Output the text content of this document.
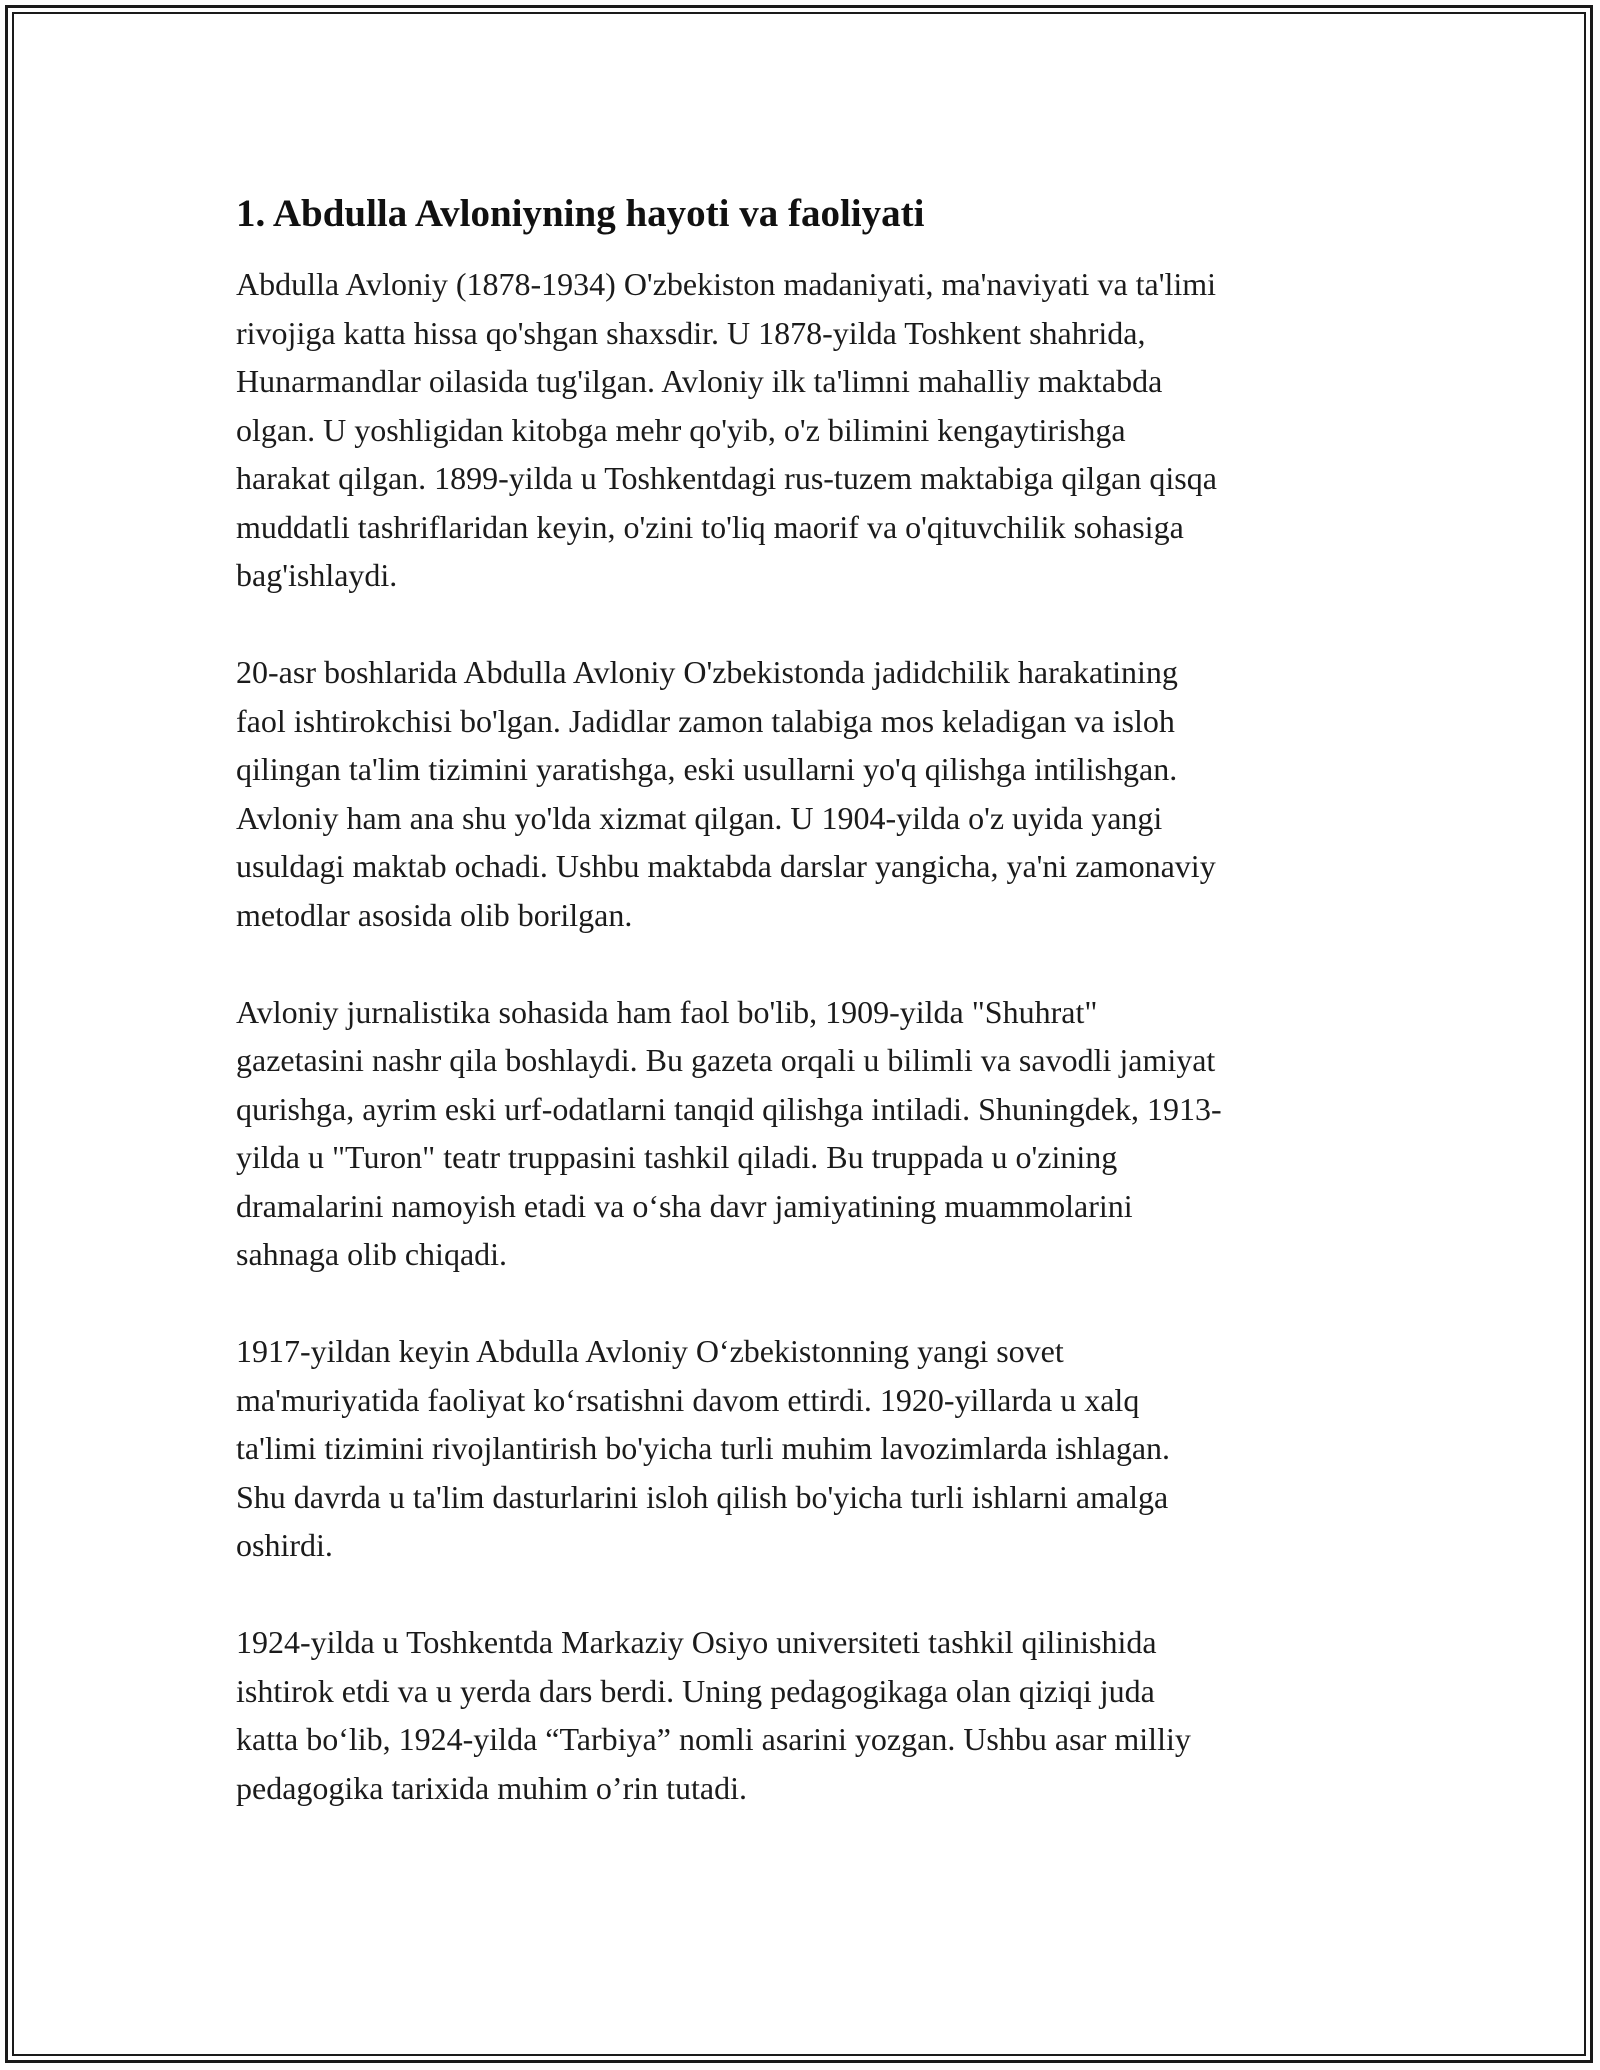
1. Abdulla Avloniyning hayoti va faoliyati

Abdulla Avloniy (1878-1934) O'zbekiston madaniyati, ma'naviyati va ta'limi
rivojiga katta hissa qo'shgan shaxsdir. U 1878-yilda Toshkent shahrida,
Hunarmandlar oilasida tug'ilgan. Avloniy ilk ta'limni mahalliy maktabda
olgan. U yoshligidan kitobga mehr qo'yib, o'z bilimini kengaytirishga
harakat qilgan. 1899-yilda u Toshkentdagi rus-tuzem maktabiga qilgan qisqa
muddatli tashriflaridan keyin, o'zini to'liq maorif va o'qituvchilik sohasiga
bag'ishlaydi.

20-asr boshlarida Abdulla Avloniy O'zbekistonda jadidchilik harakatining
faol ishtirokchisi bo'lgan. Jadidlar zamon talabiga mos keladigan va isloh
qilingan ta'lim tizimini yaratishga, eski usullarni yo'q qilishga intilishgan.
Avloniy ham ana shu yo'lda xizmat qilgan. U 1904-yilda o'z uyida yangi
usuldagi maktab ochadi. Ushbu maktabda darslar yangicha, ya'ni zamonaviy
metodlar asosida olib borilgan.

Avloniy jurnalistika sohasida ham faol bo'lib, 1909-yilda "Shuhrat"
gazetasini nashr qila boshlaydi. Bu gazeta orqali u bilimli va savodli jamiyat
qurishga, ayrim eski urf-odatlarni tanqid qilishga intiladi. Shuningdek, 1913-
yilda u "Turon" teatr truppasini tashkil qiladi. Bu truppada u o'zining
dramalarini namoyish etadi va o‘sha davr jamiyatining muammolarini
sahnaga olib chiqadi.

1917-yildan keyin Abdulla Avloniy O‘zbekistonning yangi sovet
ma'muriyatida faoliyat ko‘rsatishni davom ettirdi. 1920-yillarda u xalq
ta'limi tizimini rivojlantirish bo'yicha turli muhim lavozimlarda ishlagan.
Shu davrda u ta'lim dasturlarini isloh qilish bo'yicha turli ishlarni amalga
oshirdi.

1924-yilda u Toshkentda Markaziy Osiyo universiteti tashkil qilinishida
ishtirok etdi va u yerda dars berdi. Uning pedagogikaga olan qiziqi juda
katta bo‘lib, 1924-yilda “Tarbiya” nomli asarini yozgan. Ushbu asar milliy
pedagogika tarixida muhim o’rin tutadi.
